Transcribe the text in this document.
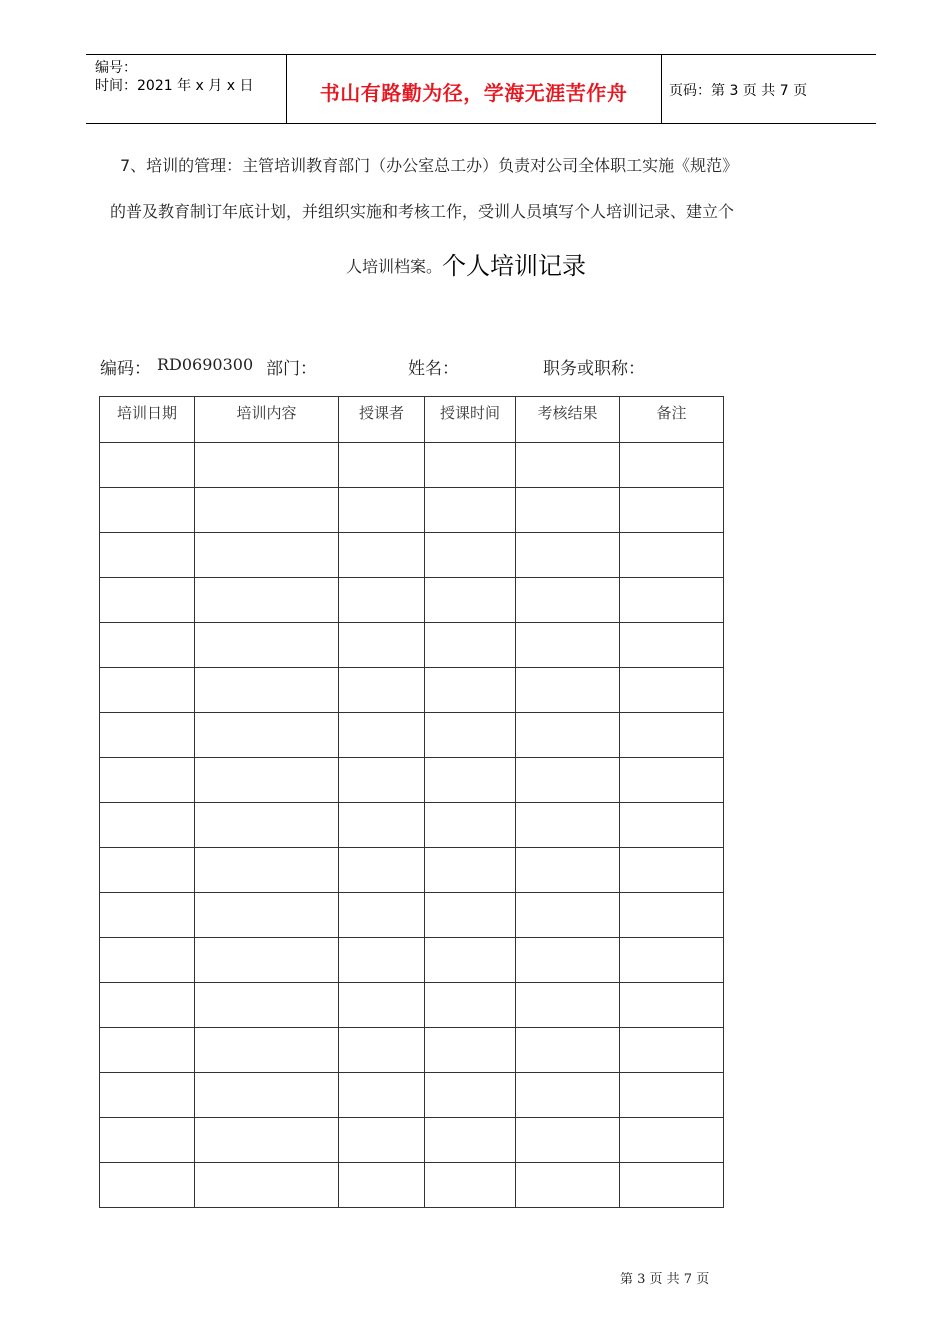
编号：
时间：2021 年 x 月 x 日	书山有路勤为径，学海无涯苦作舟	页码：第 3 页 共 7 页
7、培训的管理：主管培训教育部门（办公室总工办）负责对公司全体职工实施《规范》
的普及教育制订年底计划，并组织实施和考核工作，受训人员填写个人培训记录、建立个
人培训档案。个人培训记录
编码： RD0690300 部门：	姓名：	职务或职称：
培训日期	培训内容	授课者	授课时间	考核结果	备注

第 3 页 共 7 页
